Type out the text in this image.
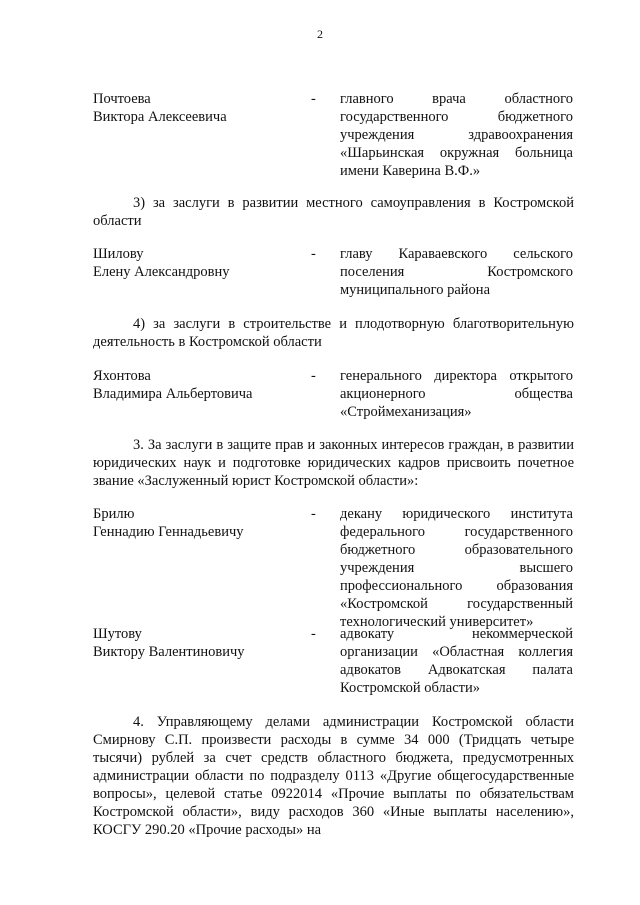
2
Почтоева
Виктора Алексеевича
- главного врача областного государственного бюджетного учреждения здравоохранения «Шарьинская окружная больница имени Каверина В.Ф.»

3) за заслуги в развитии местного самоуправления в Костромской области

Шилову
Елену Александровну
- главу Караваевского сельского поселения Костромского муниципального района

4) за заслуги в строительстве и плодотворную благотворительную деятельность в Костромской области

Яхонтова
Владимира Альбертовича
- генерального директора открытого акционерного общества «Строймеханизация»

3. За заслуги в защите прав и законных интересов граждан, в развитии юридических наук и подготовке юридических кадров присвоить почетное звание «Заслуженный юрист Костромской области»:

Брилю
Геннадию Геннадьевичу
- декану юридического института федерального государственного бюджетного образовательного учреждения высшего профессионального образования «Костромской государственный технологический университет»
Шутову
Виктору Валентиновичу
- адвокату некоммерческой организации «Областная коллегия адвокатов Адвокатская палата Костромской области»

4. Управляющему делами администрации Костромской области Смирнову С.П. произвести расходы в сумме 34 000 (Тридцать четыре тысячи) рублей за счет средств областного бюджета, предусмотренных администрации области по подразделу 0113 «Другие общегосударственные вопросы», целевой статье 0922014 «Прочие выплаты по обязательствам Костромской области», виду расходов 360 «Иные выплаты населению», КОСГУ 290.20 «Прочие расходы» на
